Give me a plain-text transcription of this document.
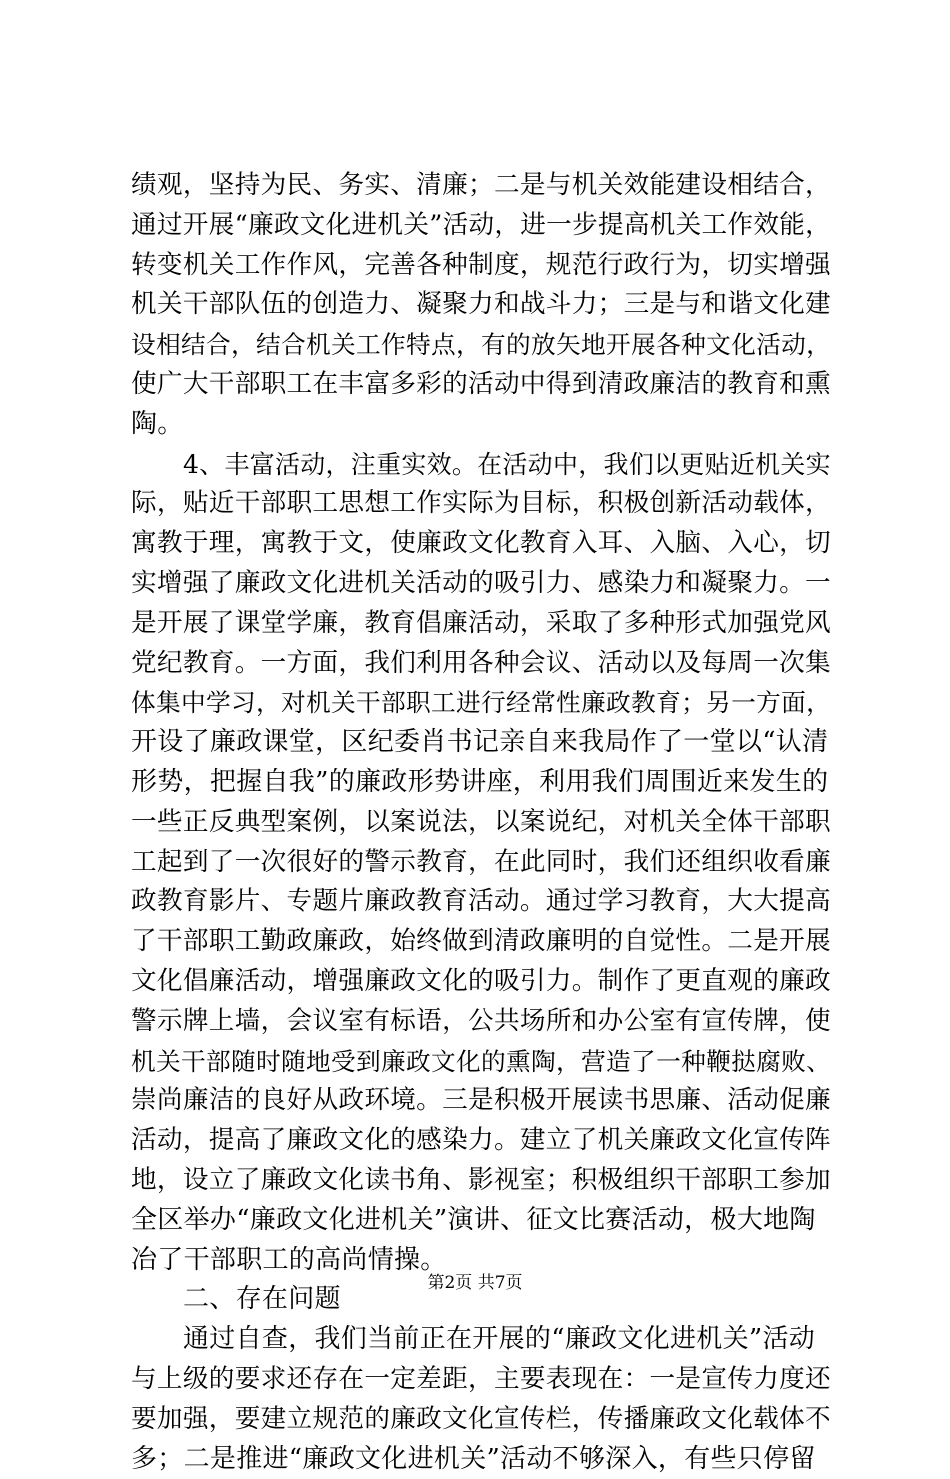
绩观，坚持为民、务实、清廉；二是与机关效能建设相结合，
通过开展“廉政文化进机关”活动，进一步提高机关工作效能，
转变机关工作作风，完善各种制度，规范行政行为，切实增强
机关干部队伍的创造力、凝聚力和战斗力；三是与和谐文化建
设相结合，结合机关工作特点，有的放矢地开展各种文化活动，
使广大干部职工在丰富多彩的活动中得到清政廉洁的教育和熏
陶。
4、丰富活动，注重实效。在活动中，我们以更贴近机关实
际，贴近干部职工思想工作实际为目标，积极创新活动载体，
寓教于理，寓教于文，使廉政文化教育入耳、入脑、入心，切
实增强了廉政文化进机关活动的吸引力、感染力和凝聚力。一
是开展了课堂学廉，教育倡廉活动，采取了多种形式加强党风
党纪教育。一方面，我们利用各种会议、活动以及每周一次集
体集中学习，对机关干部职工进行经常性廉政教育；另一方面，
开设了廉政课堂，区纪委肖书记亲自来我局作了一堂以“认清
形势，把握自我”的廉政形势讲座，利用我们周围近来发生的
一些正反典型案例，以案说法，以案说纪，对机关全体干部职
工起到了一次很好的警示教育，在此同时，我们还组织收看廉
政教育影片、专题片廉政教育活动。通过学习教育，大大提高
了干部职工勤政廉政，始终做到清政廉明的自觉性。二是开展
文化倡廉活动，增强廉政文化的吸引力。制作了更直观的廉政
警示牌上墙，会议室有标语，公共场所和办公室有宣传牌，使
机关干部随时随地受到廉政文化的熏陶，营造了一种鞭挞腐败、
崇尚廉洁的良好从政环境。三是积极开展读书思廉、活动促廉
活动，提高了廉政文化的感染力。建立了机关廉政文化宣传阵
地，设立了廉政文化读书角、影视室；积极组织干部职工参加
全区举办“廉政文化进机关”演讲、征文比赛活动，极大地陶
冶了干部职工的高尚情操。
二、存在问题
通过自查，我们当前正在开展的“廉政文化进机关”活动
与上级的要求还存在一定差距，主要表现在：一是宣传力度还
要加强，要建立规范的廉政文化宣传栏，传播廉政文化载体不
多；二是推进“廉政文化进机关”活动不够深入，有些只停留
第2页 共7页
